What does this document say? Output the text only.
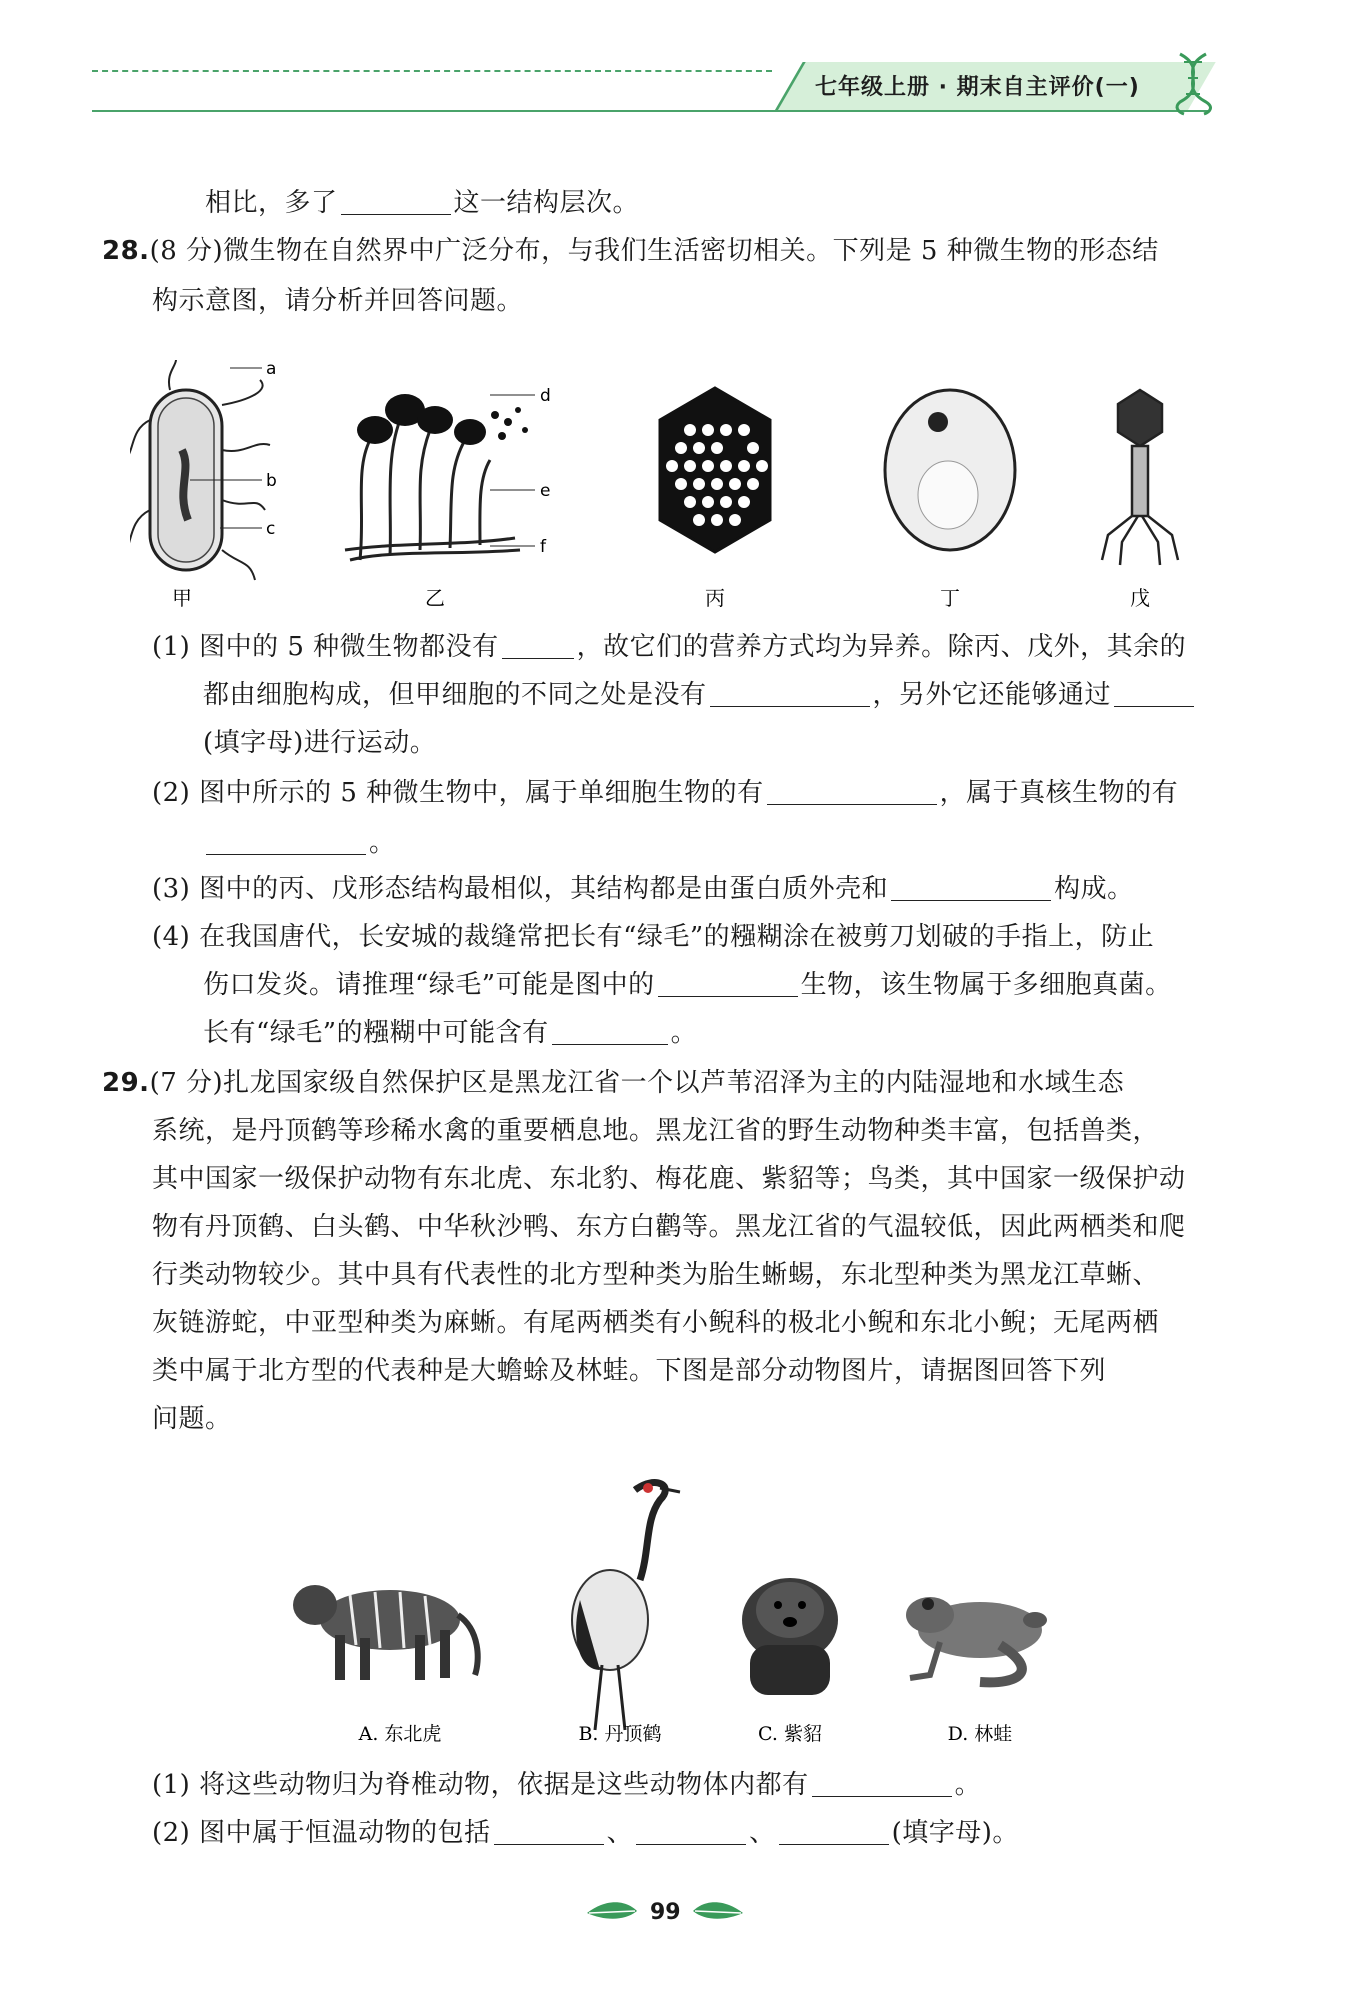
七年级上册 · 期末自主评价(一)
相比，多了	这一结构层次。
28.(8 分)微生物在自然界中广泛分布，与我们生活密切相关。下列是 5 种微生物的形态结
构示意图，请分析并回答问题。
a
b
c
d
e
f
甲	乙	丙	丁	戊
(1) 图中的 5 种微生物都没有	，故它们的营养方式均为异养。除丙、戊外，其余的
都由细胞构成，但甲细胞的不同之处是没有	，另外它还能够通过
(填字母)进行运动。
(2) 图中所示的 5 种微生物中，属于单细胞生物的有	，属于真核生物的有
。
(3) 图中的丙、戊形态结构最相似，其结构都是由蛋白质外壳和	构成。
(4) 在我国唐代，长安城的裁缝常把长有“绿毛”的糨糊涂在被剪刀划破的手指上，防止
伤口发炎。请推理“绿毛”可能是图中的	生物，该生物属于多细胞真菌。
长有“绿毛”的糨糊中可能含有	。
29.(7 分)扎龙国家级自然保护区是黑龙江省一个以芦苇沼泽为主的内陆湿地和水域生态
系统，是丹顶鹤等珍稀水禽的重要栖息地。黑龙江省的野生动物种类丰富，包括兽类，
其中国家一级保护动物有东北虎、东北豹、梅花鹿、紫貂等；鸟类，其中国家一级保护动
物有丹顶鹤、白头鹤、中华秋沙鸭、东方白鹳等。黑龙江省的气温较低，因此两栖类和爬
行类动物较少。其中具有代表性的北方型种类为胎生蜥蜴，东北型种类为黑龙江草蜥、
灰链游蛇，中亚型种类为麻蜥。有尾两栖类有小鲵科的极北小鲵和东北小鲵；无尾两栖
类中属于北方型的代表种是大蟾蜍及林蛙。下图是部分动物图片，请据图回答下列
问题。
A. 东北虎	B. 丹顶鹤	C. 紫貂	D. 林蛙
(1) 将这些动物归为脊椎动物，依据是这些动物体内都有	。
(2) 图中属于恒温动物的包括	、	、	(填字母)。
99
